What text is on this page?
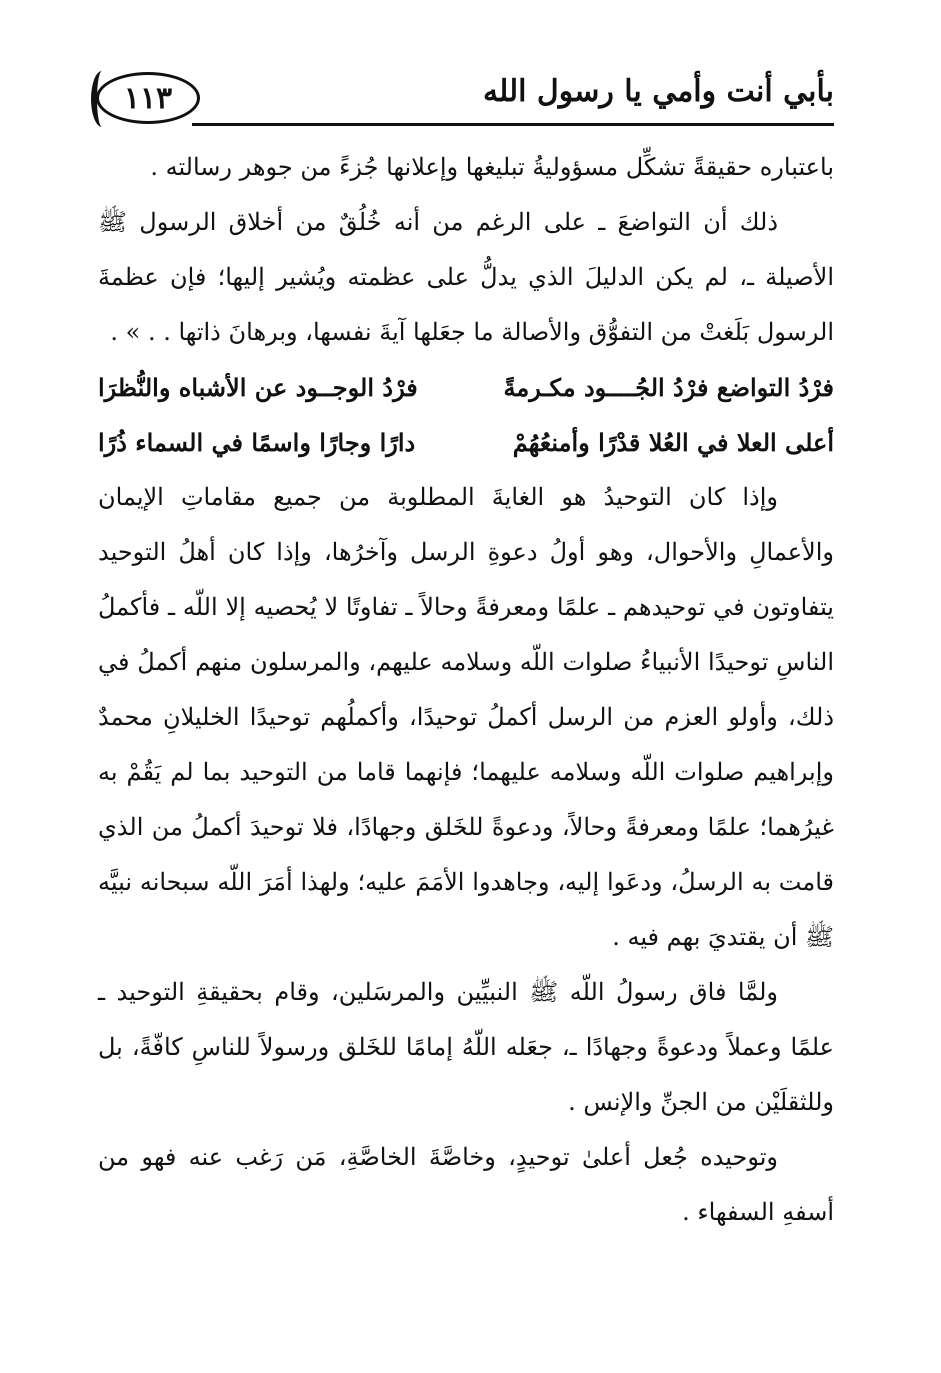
١١٣	بأبي أنت وأمي يا رسول الله

باعتباره حقيقةً تشكِّل مسؤوليةُ تبليغها وإعلانها جُزءً من جوهر رسالته .

ذلك أن التواضعَ ـ على الرغم من أنه خُلُقٌ من أخلاق الرسول ﷺ الأصيلة ـ، لم يكن الدليلَ الذي يدلُّ على عظمته ويُشير إليها؛ فإن عظمةَ الرسول بَلَغتْ من التفوُّق والأصالة ما جعَلها آيةَ نفسها، وبرهانَ ذاتها . . » .

فرْدُ التواضع فرْدُ الجُــــود مكـرمةً
فرْدُ الوجــود عن الأشباه والنُّظرَا
أعلى العلا في العُلا قدْرًا وأمنعُهُمْ
دارًا وجارًا واسمًا في السماء ذُرًا

وإذا كان التوحيدُ هو الغايةَ المطلوبة من جميع مقاماتِ الإيمان والأعمالِ والأحوال، وهو أولُ دعوةِ الرسل وآخرُها، وإذا كان أهلُ التوحيد يتفاوتون في توحيدهم ـ علمًا ومعرفةً وحالاً ـ تفاوتًا لا يُحصيه إلا اللّه ـ فأكملُ الناسِ توحيدًا الأنبياءُ صلوات اللّه وسلامه عليهم، والمرسلون منهم أكملُ في ذلك، وأولو العزم من الرسل أكملُ توحيدًا، وأكملُهم توحيدًا الخليلانِ محمدٌ وإبراهيم صلوات اللّه وسلامه عليهما؛ فإنهما قاما من التوحيد بما لم يَقُمْ به غيرُهما؛ علمًا ومعرفةً وحالاً، ودعوةً للخَلق وجهادًا، فلا توحيدَ أكملُ من الذي قامت به الرسلُ، ودعَوا إليه، وجاهدوا الأمَمَ عليه؛ ولهذا أمَرَ اللّه سبحانه نبيَّه ﷺ أن يقتديَ بهم فيه .

ولمَّا فاق رسولُ اللّه ﷺ النبيِّين والمرسَلين، وقام بحقيقةِ التوحيد ـ علمًا وعملاً ودعوةً وجهادًا ـ، جعَله اللّهُ إمامًا للخَلق ورسولاً للناسِ كافّةً، بل وللثقلَيْن من الجنِّ والإنس .

وتوحيده جُعل أعلىٰ توحيدٍ، وخاصَّةَ الخاصَّةِ، مَن رَغب عنه فهو من أسفهِ السفهاء .
